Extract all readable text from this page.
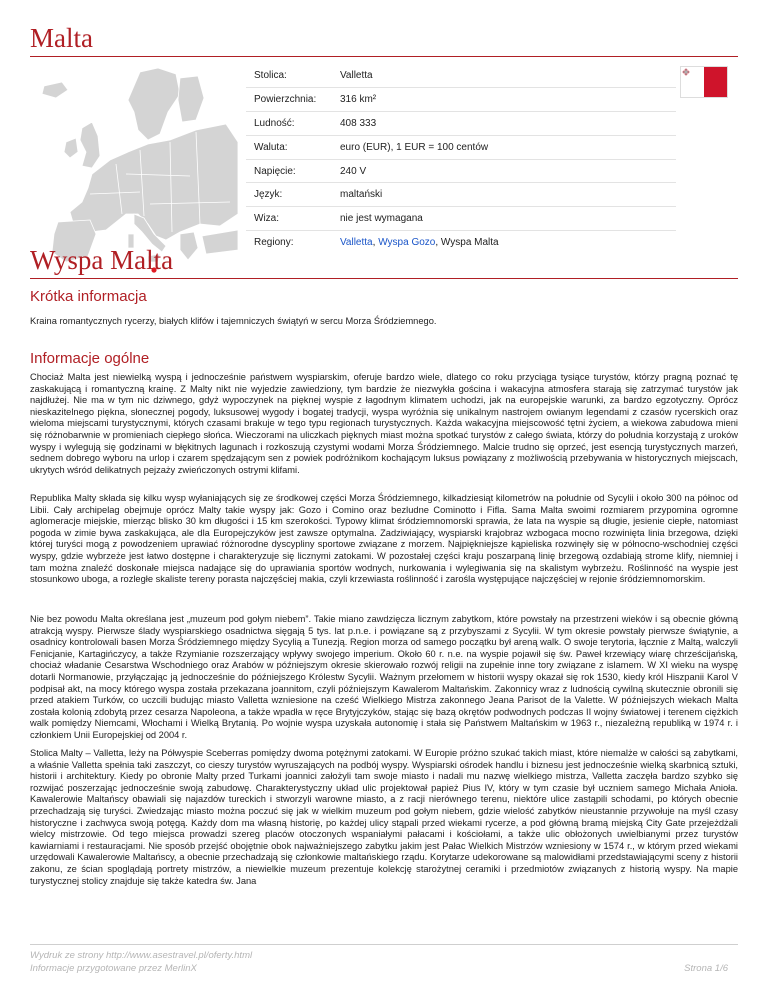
Malta
Stolica:	Valletta
Powierzchnia:	316 km²
Ludność:	408 333
Waluta:	euro (EUR), 1 EUR = 100 centów
Napięcie:	240 V
Język:	maltański
Wiza:	nie jest wymagana
Regiony:	Valletta, Wyspa Gozo, Wyspa Malta
Wyspa Malta
Krótka informacja

Kraina romantycznych rycerzy, białych klifów i tajemniczych świątyń w sercu Morza Śródziemnego.

Informacje ogólne

Chociaż Malta jest niewielką wyspą i jednocześnie państwem wyspiarskim, oferuje bardzo wiele, dlatego co roku przyciąga tysiące turystów, którzy pragną poznać tę zaskakującą i romantyczną krainę. Z Malty nikt nie wyjedzie zawiedziony, tym bardzie że niezwykła gościna i wakacyjna atmosfera starają się zatrzymać turystów jak najdłużej. Nie ma w tym nic dziwnego, gdyż wypoczynek na pięknej wyspie z łagodnym klimatem uchodzi, jak na europejskie warunki, za bardzo egzotyczny. Oprócz nieskazitelnego piękna, słonecznej pogody, luksusowej wygody i bogatej tradycji, wyspa wyróżnia się unikalnym nastrojem owianym legendami z czasów rycerskich oraz wieloma miejscami turystycznymi, których czasami brakuje w tego typu regionach turystycznych. Każda wakacyjna miejscowość tętni życiem, a wiekowa zabudowa mieni się różnobarwnie w promieniach ciepłego słońca. Wieczorami na uliczkach pięknych miast można spotkać turystów z całego świata, którzy do południa korzystają z uroków wyspy i wylegują się godzinami w błękitnych lagunach i rozkoszują czystymi wodami Morza Śródziemnego. Malcie trudno się oprzeć, jest esencją turystycznych marzeń, sednem dobrego wyboru na urlop i czarem spędzającym sen z powiek podróżnikom kochającym luksus powiązany z możliwością przebywania w historycznych miejscach, ukrytych wśród delikatnych pejzaży zwieńczonych ostrymi klifami.

Republika Malty składa się kilku wysp wyłaniających się ze środkowej części Morza Śródziemnego, kilkadziesiąt kilometrów na południe od Sycylii i około 300 na północ od Libii. Cały archipelag obejmuje oprócz Malty takie wyspy jak: Gozo i Comino oraz bezludne Cominotto i Fifla. Sama Malta swoimi rozmiarem przypomina ogromne aglomeracje miejskie, mierząc blisko 30 km długości i 15 km szerokości. Typowy klimat śródziemnomorski sprawia, że lata na wyspie są długie, jesienie ciepłe, natomiast pogoda w zimie bywa zaskakująca, ale dla Europejczyków jest zawsze optymalna. Zadziwiający, wyspiarski krajobraz wzbogaca mocno rozwinięta linia brzegowa, dzięki której turyści mogą z powodzeniem uprawiać różnorodne dyscypliny sportowe związane z morzem. Najpiękniejsze kąpieliska rozwinęły się w północno-wschodniej części wyspy, gdzie wybrzeże jest łatwo dostępne i charakteryzuje się licznymi zatokami. W pozostałej części kraju poszarpaną linię brzegową ozdabiają strome klify, niemniej i tam można znaleźć doskonałe miejsca nadające się do uprawiania sportów wodnych, nurkowania i wylegiwania się na skalistym wybrzeżu. Roślinność na wyspie jest stosunkowo uboga, a rozległe skaliste tereny porasta najczęściej makia, czyli krzewiasta roślinność i zarośla występujące najczęściej w rejonie śródziemnomorskim.

Nie bez powodu Malta określana jest „muzeum pod gołym niebem”. Takie miano zawdzięcza licznym zabytkom, które powstały na przestrzeni wieków i są obecnie główną atrakcją wyspy. Pierwsze ślady wyspiarskiego osadnictwa sięgają 5 tys. lat p.n.e. i powiązane są z przybyszami z Sycylii. W tym okresie powstały pierwsze świątynie, a osadnicy kontrolowali basen Morza Śródziemnego między Sycylią a Tunezją. Region morza od samego początku był areną walk. O swoje terytoria, łącznie z Maltą, walczyli Fenicjanie, Kartagińczycy, a także Rzymianie rozszerzający wpływy swojego imperium. Około 60 r. n.e. na wyspie pojawił się św. Paweł krzewiący wiarę chrześcijańską, chociaż władanie Cesarstwa Wschodniego oraz Arabów w późniejszym okresie skierowało rozwój religii na zupełnie inne tory związane z islamem. W XI wieku na wyspę dotarli Normanowie, przyłączając ją jednocześnie do późniejszego Królestw Sycylii. Ważnym przełomem w historii wyspy okazał się rok 1530, kiedy król Hiszpanii Karol V podpisał akt, na mocy którego wyspa została przekazana joannitom, czyli późniejszym Kawalerom Maltańskim. Zakonnicy wraz z ludnością cywilną skutecznie obronili się przed atakiem Turków, co uczcili budując miasto Valletta wzniesione na cześć Wielkiego Mistrza zakonnego Jeana Parisot de la Valette. W późniejszych wiekach Malta została kolonią zdobytą przez cesarza Napoleona, a także wpadła w ręce Brytyjczyków, stając się bazą okrętów podwodnych podczas II wojny światowej i terenem ciężkich walk pomiędzy Niemcami, Włochami i Wielką Brytanią. Po wojnie wyspa uzyskała autonomię i stała się Państwem Maltańskim w 1963 r., niezależną republiką w 1974 r. i członkiem Unii Europejskiej od 2004 r.

Stolica Malty – Valletta, leży na Półwyspie Sceberras pomiędzy dwoma potężnymi zatokami. W Europie próżno szukać takich miast, które niemalże w całości są zabytkami, a właśnie Valletta spełnia taki zaszczyt, co cieszy turystów wyruszających na podbój wyspy. Wyspiarski ośrodek handlu i biznesu jest jednocześnie wielką skarbnicą sztuki, historii i architektury. Kiedy po obronie Malty przed Turkami joannici założyli tam swoje miasto i nadali mu nazwę wielkiego mistrza, Valletta zaczęła bardzo szybko się rozwijać poszerzając jednocześnie swoją zabudowę. Charakterystyczny układ ulic projektował papież Pius IV, który w tym czasie był uczniem samego Michała Anioła. Kawalerowie Maltańscy obawiali się najazdów tureckich i stworzyli warowne miasto, a z racji nierównego terenu, niektóre ulice zastąpili schodami, po których obecnie przechadzają się turyści. Zwiedzając miasto można poczuć się jak w wielkim muzeum pod gołym niebem, gdzie wielość zabytków nieustannie przywołuje na myśl czasy historyczne i zachwyca swoją potęgą. Każdy dom ma własną historię, po każdej ulicy stąpali przed wiekami rycerze, a pod główną bramą miejską City Gate przejeżdżali wielcy mistrzowie. Od tego miejsca prowadzi szereg placów otoczonych wspaniałymi pałacami i kościołami, a także ulic obłożonych uwielbianymi przez turystów kawiarniami i restauracjami. Nie sposób przejść obojętnie obok najważniejszego zabytku jakim jest Pałac Wielkich Mistrzów wzniesiony w 1574 r., w którym przed wiekami urzędowali Kawalerowie Maltańscy, a obecnie przechadzają się członkowie maltańskiego rządu. Korytarze udekorowane są malowidłami przedstawiającymi sceny z historii zakonu, ze ścian spoglądają portrety mistrzów, a niewielkie muzeum prezentuje kolekcję starożytnej ceramiki i przedmiotów związanych z historią wyspy. Na mapie turystycznej stolicy znajduje się także katedra św. Jana

Wydruk ze strony http://www.asestravel.pl/oferty.html

Informacje przygotowane przez MerlinX	Strona 1/6
